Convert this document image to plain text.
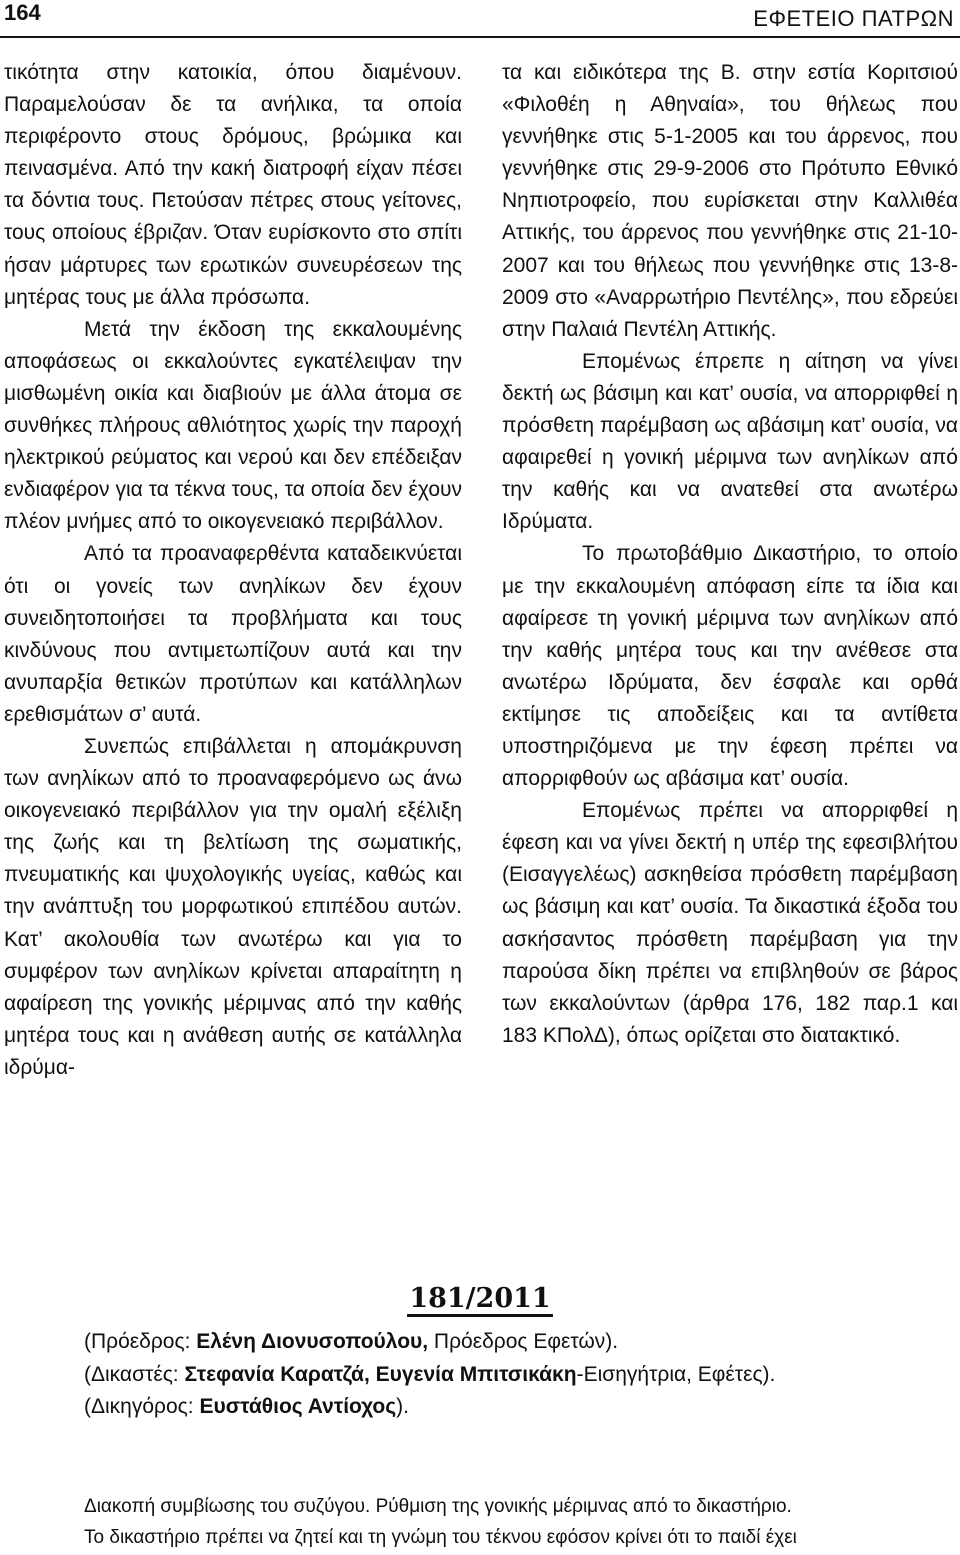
164	ΕΦΕΤΕΙΟ ΠΑΤΡΩΝ

τικότητα στην κατοικία, όπου διαμένουν. Παραμελούσαν δε τα ανήλικα, τα οποία περιφέροντο στους δρόμους, βρώμικα και πεινασμένα. Από την κακή διατροφή είχαν πέσει τα δόντια τους. Πετούσαν πέτρες στους γείτονες, τους οποίους έβριζαν. Όταν ευρίσκοντο στο σπίτι ήσαν μάρτυρες των ερωτικών συνευρέσεων της μητέρας τους με άλλα πρόσωπα.

Μετά την έκδοση της εκκαλουμένης αποφάσεως οι εκκαλούντες εγκατέλειψαν την μισθωμένη οικία και διαβιούν με άλλα άτομα σε συνθήκες πλήρους αθλιότητος χωρίς την παροχή ηλεκτρικού ρεύματος και νερού και δεν επέδειξαν ενδιαφέρον για τα τέκνα τους, τα οποία δεν έχουν πλέον μνήμες από το οικογενειακό περιβάλλον.

Από τα προαναφερθέντα καταδεικνύεται ότι οι γονείς των ανηλίκων δεν έχουν συνειδητοποιήσει τα προβλήματα και τους κινδύνους που αντιμετωπίζουν αυτά και την ανυπαρξία θετικών προτύπων και κατάλληλων ερεθισμάτων σ’ αυτά.

Συνεπώς επιβάλλεται η απομάκρυνση των ανηλίκων από το προαναφερόμενο ως άνω οικογενειακό περιβάλλον για την ομαλή εξέλιξη της ζωής και τη βελτίωση της σωματικής, πνευματικής και ψυχολογικής υγείας, καθώς και την ανάπτυξη του μορφωτικού επιπέδου αυτών. Κατ’ ακολουθία των ανωτέρω και για το συμφέρον των ανηλίκων κρίνεται απαραίτητη η αφαίρεση της γονικής μέριμνας από την καθής μητέρα τους και η ανάθεση αυτής σε κατάλληλα ιδρύμα-

τα και ειδικότερα της Β. στην εστία Κοριτσιού «Φιλοθέη η Αθηναία», του θήλεως που γεννήθηκε στις 5-1-2005 και του άρρενος, που γεννήθηκε στις 29-9-2006 στο Πρότυπο Εθνικό Νηπιοτροφείο, που ευρίσκεται στην Καλλιθέα Αττικής, του άρρενος που γεννήθηκε στις 21-10-2007 και του θήλεως που γεννήθηκε στις 13-8-2009 στο «Αναρρωτήριο Πεντέλης», που εδρεύει στην Παλαιά Πεντέλη Αττικής.

Επομένως έπρεπε η αίτηση να γίνει δεκτή ως βάσιμη και κατ’ ουσία, να απορριφθεί η πρόσθετη παρέμβαση ως αβάσιμη κατ’ ουσία, να αφαιρεθεί η γονική μέριμνα των ανηλίκων από την καθής και να ανατεθεί στα ανωτέρω Ιδρύματα.

Το πρωτοβάθμιο Δικαστήριο, το οποίο με την εκκαλουμένη απόφαση είπε τα ίδια και αφαίρεσε τη γονική μέριμνα των ανηλίκων από την καθής μητέρα τους και την ανέθεσε στα ανωτέρω Ιδρύματα, δεν έσφαλε και ορθά εκτίμησε τις αποδείξεις και τα αντίθετα υποστηριζόμενα με την έφεση πρέπει να απορριφθούν ως αβάσιμα κατ’ ουσία.

Επομένως πρέπει να απορριφθεί η έφεση και να γίνει δεκτή η υπέρ της εφεσιβλήτου (Εισαγγελέως) ασκηθείσα πρόσθετη παρέμβαση ως βάσιμη και κατ’ ουσία. Τα δικαστικά έξοδα του ασκήσαντος πρόσθετη παρέμβαση για την παρούσα δίκη πρέπει να επιβληθούν σε βάρος των εκκαλούντων (άρθρα 176, 182 παρ.1 και 183 ΚΠολΔ), όπως ορίζεται στο διατακτικό.

181/2011
(Πρόεδρος: Ελένη Διονυσοπούλου, Πρόεδρος Εφετών).
(Δικαστές: Στεφανία Καρατζά, Ευγενία Μπιτσικάκη-Εισηγήτρια, Εφέτες).
(Δικηγόρος: Ευστάθιος Αντίοχος).
Διακοπή συμβίωσης του συζύγου. Ρύθμιση της γονικής μέριμνας από το δικαστήριο.
Το δικαστήριο πρέπει να ζητεί και τη γνώμη του τέκνου εφόσον κρίνει ότι το παιδί έχει
